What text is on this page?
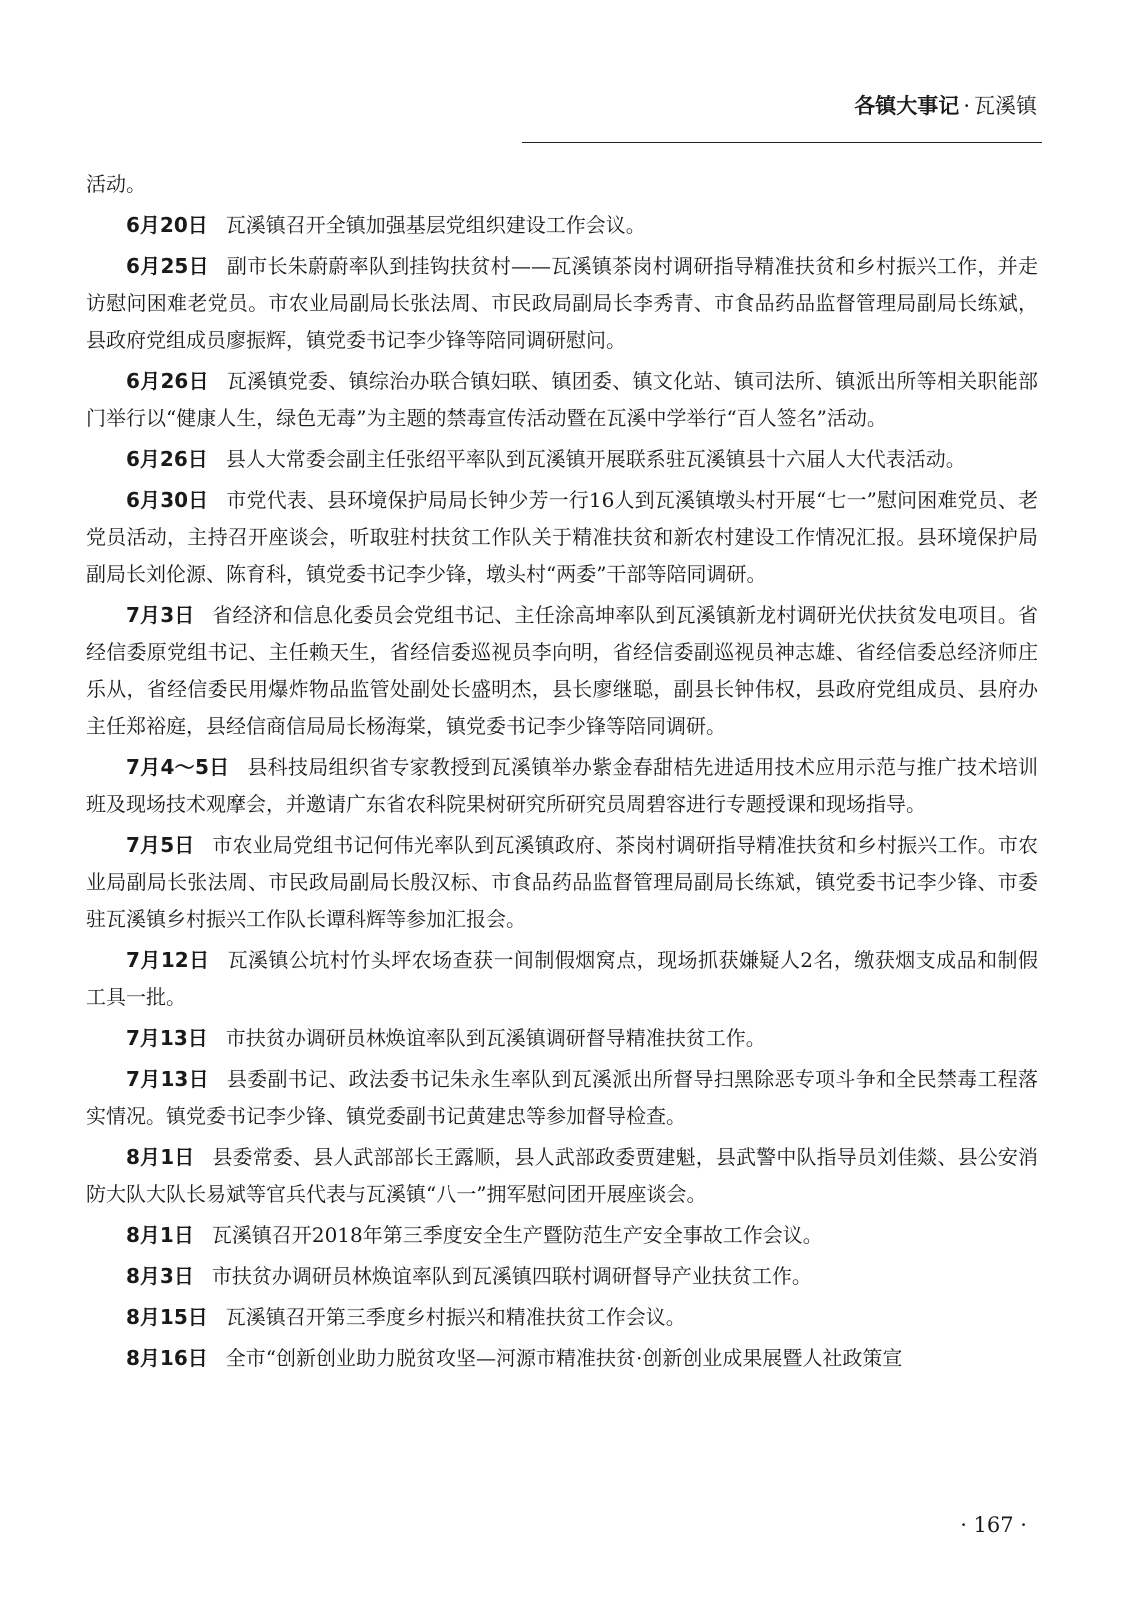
各镇大事记 · 瓦溪镇

活动。

6月20日 瓦溪镇召开全镇加强基层党组织建设工作会议。

6月25日 副市长朱蔚蔚率队到挂钩扶贫村——瓦溪镇茶岗村调研指导精准扶贫和乡村振兴工作，并走访慰问困难老党员。市农业局副局长张法周、市民政局副局长李秀青、市食品药品监督管理局副局长练斌，县政府党组成员廖振辉，镇党委书记李少锋等陪同调研慰问。

6月26日 瓦溪镇党委、镇综治办联合镇妇联、镇团委、镇文化站、镇司法所、镇派出所等相关职能部门举行以“健康人生，绿色无毒”为主题的禁毒宣传活动暨在瓦溪中学举行“百人签名”活动。

6月26日 县人大常委会副主任张绍平率队到瓦溪镇开展联系驻瓦溪镇县十六届人大代表活动。

6月30日 市党代表、县环境保护局局长钟少芳一行16人到瓦溪镇墩头村开展“七一”慰问困难党员、老党员活动，主持召开座谈会，听取驻村扶贫工作队关于精准扶贫和新农村建设工作情况汇报。县环境保护局副局长刘伦源、陈育科，镇党委书记李少锋，墩头村“两委”干部等陪同调研。

7月3日 省经济和信息化委员会党组书记、主任涂高坤率队到瓦溪镇新龙村调研光伏扶贫发电项目。省经信委原党组书记、主任赖天生，省经信委巡视员李向明，省经信委副巡视员神志雄、省经信委总经济师庄乐从，省经信委民用爆炸物品监管处副处长盛明杰，县长廖继聪，副县长钟伟权，县政府党组成员、县府办主任郑裕庭，县经信商信局局长杨海棠，镇党委书记李少锋等陪同调研。

7月4～5日 县科技局组织省专家教授到瓦溪镇举办紫金春甜桔先进适用技术应用示范与推广技术培训班及现场技术观摩会，并邀请广东省农科院果树研究所研究员周碧容进行专题授课和现场指导。

7月5日 市农业局党组书记何伟光率队到瓦溪镇政府、茶岗村调研指导精准扶贫和乡村振兴工作。市农业局副局长张法周、市民政局副局长殷汉标、市食品药品监督管理局副局长练斌，镇党委书记李少锋、市委驻瓦溪镇乡村振兴工作队长谭科辉等参加汇报会。

7月12日 瓦溪镇公坑村竹头坪农场查获一间制假烟窝点，现场抓获嫌疑人2名，缴获烟支成品和制假工具一批。

7月13日 市扶贫办调研员林焕谊率队到瓦溪镇调研督导精准扶贫工作。

7月13日 县委副书记、政法委书记朱永生率队到瓦溪派出所督导扫黑除恶专项斗争和全民禁毒工程落实情况。镇党委书记李少锋、镇党委副书记黄建忠等参加督导检查。

8月1日 县委常委、县人武部部长王露顺，县人武部政委贾建魁，县武警中队指导员刘佳燚、县公安消防大队大队长易斌等官兵代表与瓦溪镇“八一”拥军慰问团开展座谈会。

8月1日 瓦溪镇召开2018年第三季度安全生产暨防范生产安全事故工作会议。

8月3日 市扶贫办调研员林焕谊率队到瓦溪镇四联村调研督导产业扶贫工作。

8月15日 瓦溪镇召开第三季度乡村振兴和精准扶贫工作会议。

8月16日 全市“创新创业助力脱贫攻坚—河源市精准扶贫·创新创业成果展暨人社政策宣

· 167 ·
